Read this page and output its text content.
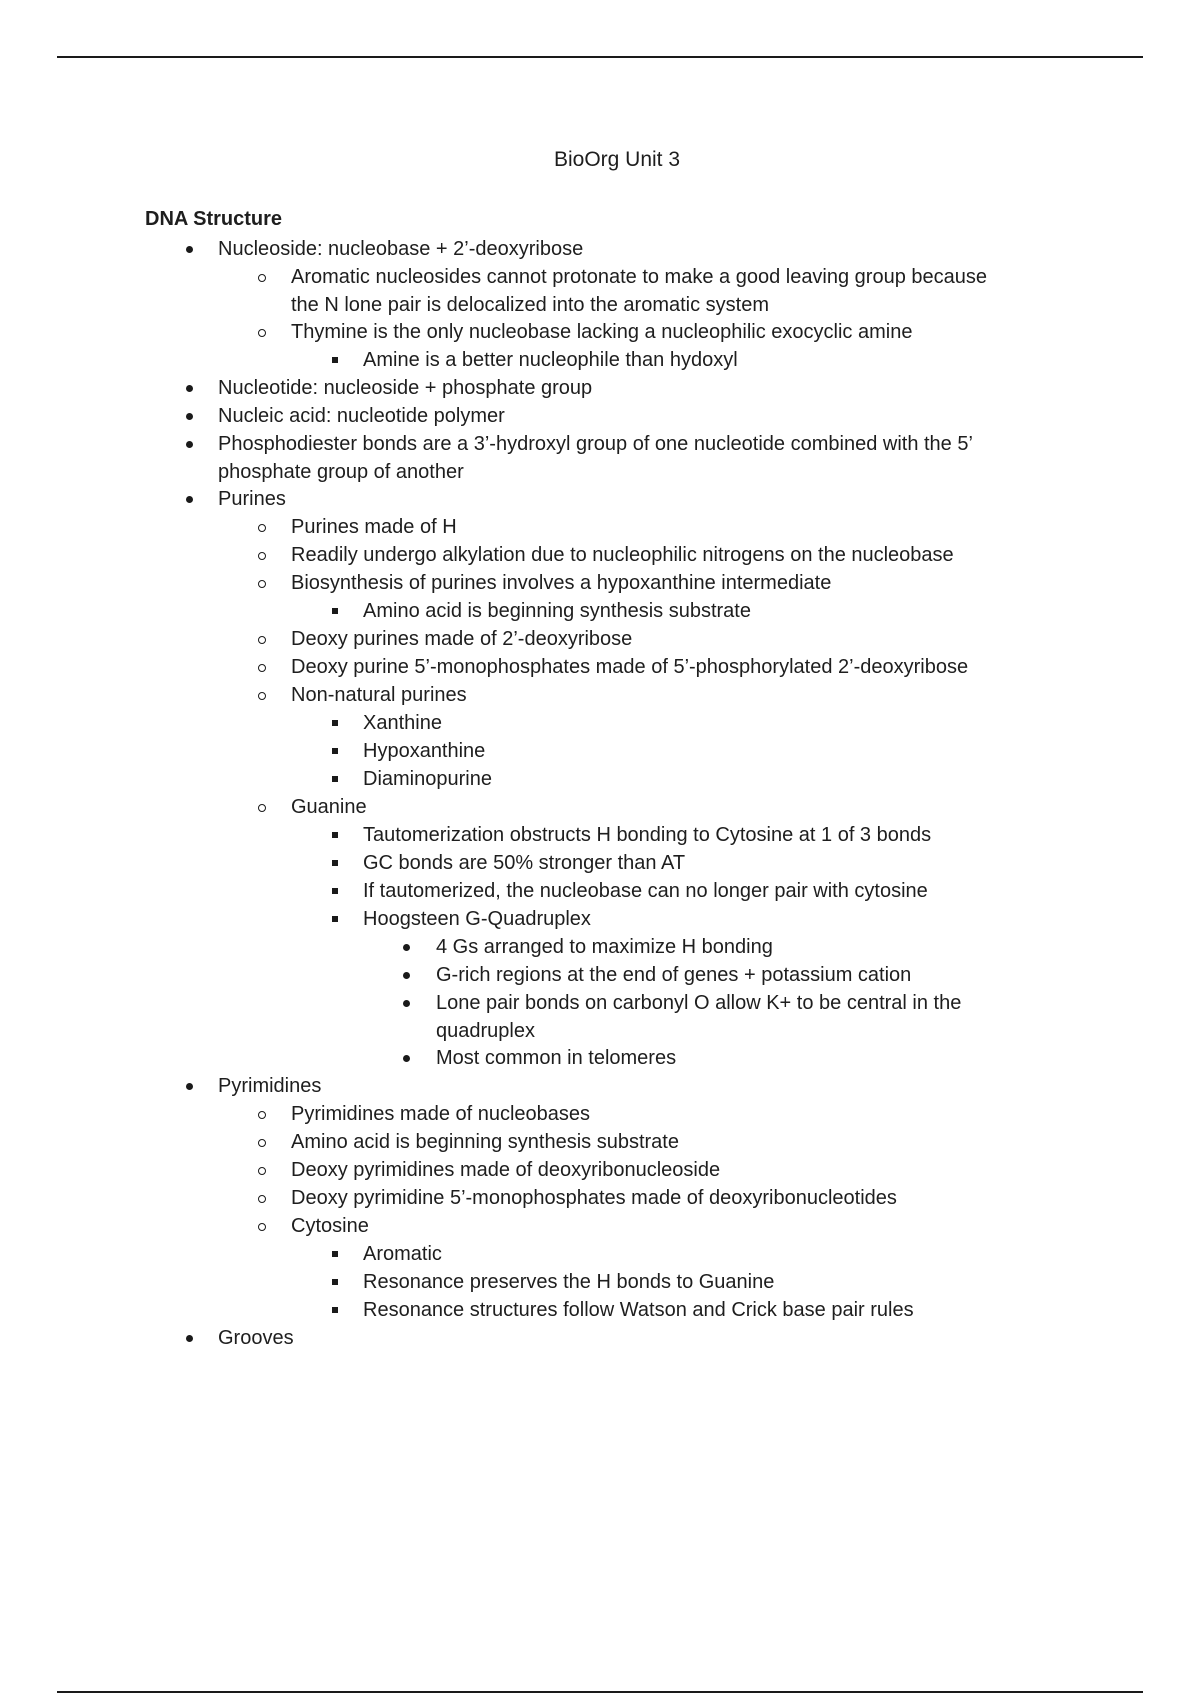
BioOrg Unit 3
DNA Structure
Nucleoside: nucleobase + 2’-deoxyribose
Aromatic nucleosides cannot protonate to make a good leaving group because
the N lone pair is delocalized into the aromatic system
Thymine is the only nucleobase lacking a nucleophilic exocyclic amine
Amine is a better nucleophile than hydoxyl
Nucleotide: nucleoside + phosphate group
Nucleic acid: nucleotide polymer
Phosphodiester bonds are a 3’-hydroxyl group of one nucleotide combined with the 5’
phosphate group of another
Purines
Purines made of H
Readily undergo alkylation due to nucleophilic nitrogens on the nucleobase
Biosynthesis of purines involves a hypoxanthine intermediate
Amino acid is beginning synthesis substrate
Deoxy purines made of 2’-deoxyribose
Deoxy purine 5’-monophosphates made of 5’-phosphorylated 2’-deoxyribose
Non-natural purines
Xanthine
Hypoxanthine
Diaminopurine
Guanine
Tautomerization obstructs H bonding to Cytosine at 1 of 3 bonds
GC bonds are 50% stronger than AT
If tautomerized, the nucleobase can no longer pair with cytosine
Hoogsteen G-Quadruplex
4 Gs arranged to maximize H bonding
G-rich regions at the end of genes + potassium cation
Lone pair bonds on carbonyl O allow K+ to be central in the
quadruplex
Most common in telomeres
Pyrimidines
Pyrimidines made of nucleobases
Amino acid is beginning synthesis substrate
Deoxy pyrimidines made of deoxyribonucleoside
Deoxy pyrimidine 5’-monophosphates made of deoxyribonucleotides
Cytosine
Aromatic
Resonance preserves the H bonds to Guanine
Resonance structures follow Watson and Crick base pair rules
Grooves
